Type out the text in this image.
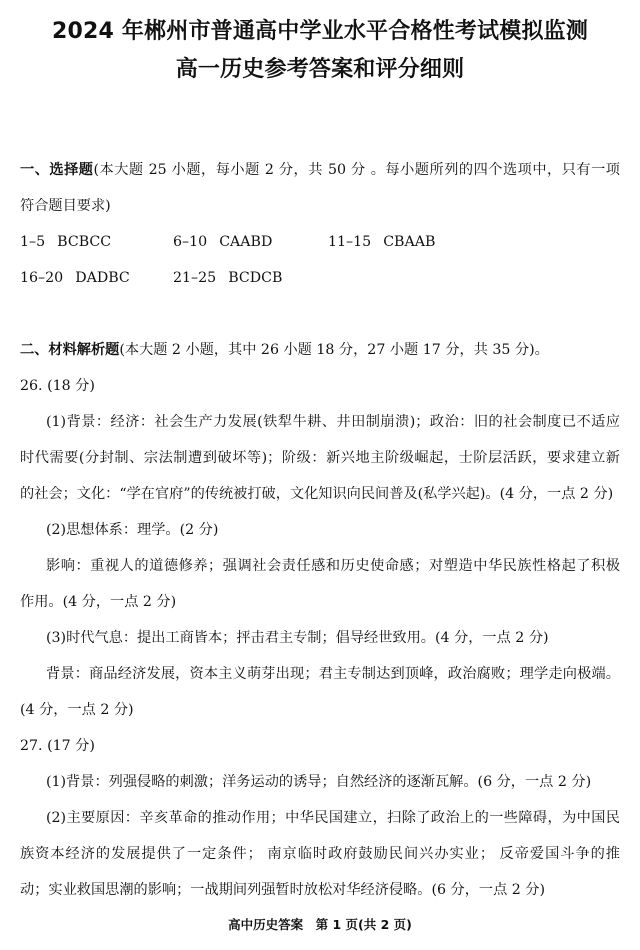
2024 年郴州市普通高中学业水平合格性考试模拟监测
高一历史参考答案和评分细则
一、选择题(本大题 25 小题，每小题 2 分，共 50 分 。每小题所列的四个选项中，只有一项
符合题目要求)
1–5 BCBCC	6–10 CAABD	11–15 CBAAB
16–20 DADBC	21–25 BCDCB
二、材料解析题(本大题 2 小题，其中 26 小题 18 分，27 小题 17 分，共 35 分)。
26. (18 分)
(1)背景：经济：社会生产力发展(铁犁牛耕、井田制崩溃)；政治：旧的社会制度已不适应
时代需要(分封制、宗法制遭到破坏等)；阶级：新兴地主阶级崛起，士阶层活跃，要求建立新
的社会；文化：“学在官府”的传统被打破，文化知识向民间普及(私学兴起)。(4 分，一点 2 分)
(2)思想体系：理学。(2 分)
影响：重视人的道德修养；强调社会责任感和历史使命感；对塑造中华民族性格起了积极
作用。(4 分，一点 2 分)
(3)时代气息：提出工商皆本；抨击君主专制；倡导经世致用。(4 分，一点 2 分)
背景：商品经济发展，资本主义萌芽出现；君主专制达到顶峰，政治腐败；理学走向极端。
(4 分，一点 2 分)
27. (17 分)
(1)背景：列强侵略的刺激；洋务运动的诱导；自然经济的逐渐瓦解。(6 分，一点 2 分)
(2)主要原因：辛亥革命的推动作用；中华民国建立，扫除了政治上的一些障碍，为中国民
族资本经济的发展提供了一定条件； 南京临时政府鼓励民间兴办实业； 反帝爱国斗争的推
动；实业救国思潮的影响；一战期间列强暂时放松对华经济侵略。(6 分，一点 2 分)
高中历史答案　第 1 页(共 2 页)
